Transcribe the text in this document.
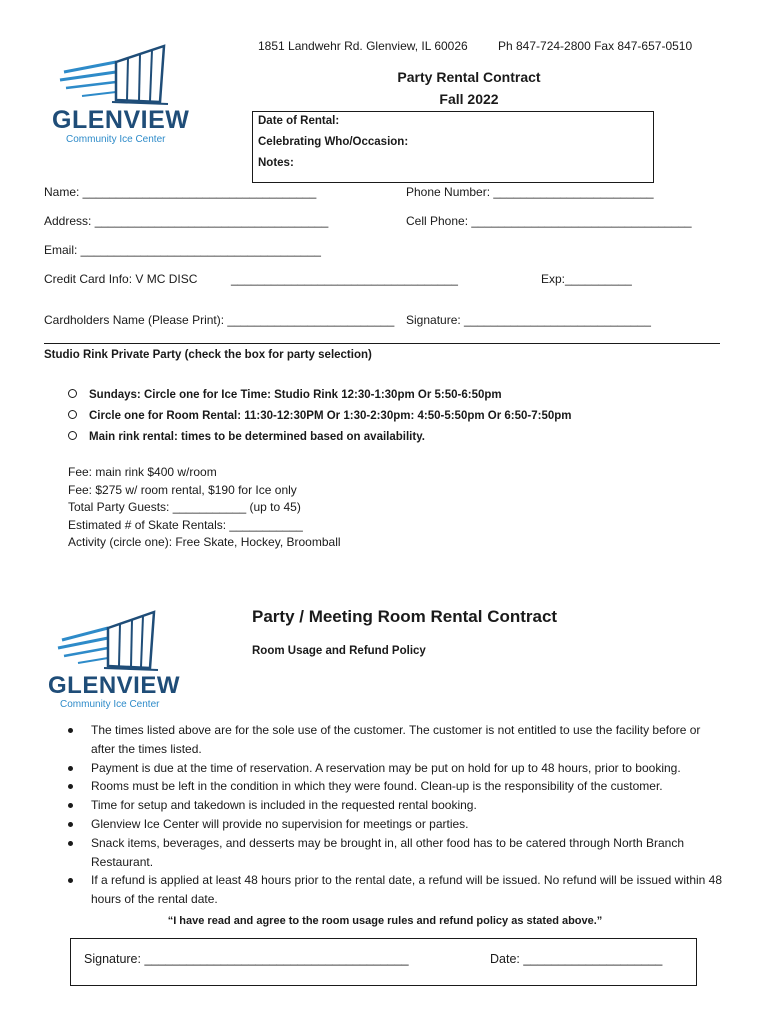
1851 Landwehr Rd. Glenview, IL 60026	Ph 847-724-2800 Fax 847-657-0510
Party Rental Contract
Fall 2022
GLENVIEW
Community Ice Center
Date of Rental:
Celebrating Who/Occasion:
Notes:
Name: ___________________________________	Phone Number: ________________________
Address: ___________________________________	Cell Phone: _________________________________
Email: ____________________________________
Credit Card Info: V MC DISC	__________________________________	Exp:__________
Cardholders Name (Please Print): _________________________ Signature: ____________________________
Studio Rink Private Party (check the box for party selection)
Sundays: Circle one for Ice Time: Studio Rink 12:30-1:30pm Or 5:50-6:50pm
Circle one for Room Rental: 11:30-12:30PM Or 1:30-2:30pm: 4:50-5:50pm Or 6:50-7:50pm
Main rink rental: times to be determined based on availability.
Fee: main rink $400 w/room
Fee: $275 w/ room rental, $190 for Ice only
Total Party Guests: ___________ (up to 45)
Estimated # of Skate Rentals: ___________
Activity (circle one): Free Skate, Hockey, Broomball
GLENVIEW
Community Ice Center
Party / Meeting Room Rental Contract
Room Usage and Refund Policy
The times listed above are for the sole use of the customer. The customer is not entitled to use the facility before or after the times listed.
Payment is due at the time of reservation. A reservation may be put on hold for up to 48 hours, prior to booking.
Rooms must be left in the condition in which they were found. Clean-up is the responsibility of the customer.
Time for setup and takedown is included in the requested rental booking.
Glenview Ice Center will provide no supervision for meetings or parties.
Snack items, beverages, and desserts may be brought in, all other food has to be catered through North Branch Restaurant.
If a refund is applied at least 48 hours prior to the rental date, a refund will be issued. No refund will be issued within 48 hours of the rental date.
“I have read and agree to the room usage rules and refund policy as stated above.”
Signature: ______________________________________	Date: ____________________
